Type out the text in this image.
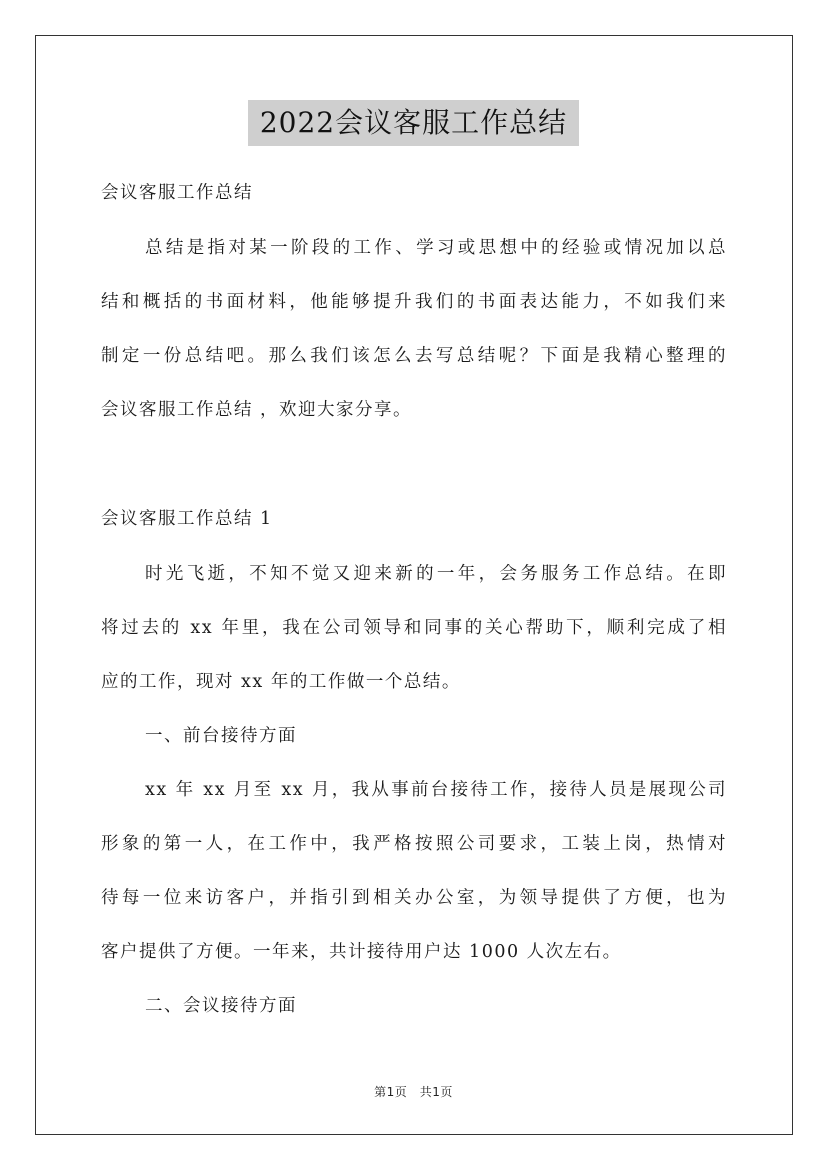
2022会议客服工作总结
会议客服工作总结
总结是指对某一阶段的工作、学习或思想中的经验或情况加以总
结和概括的书面材料，他能够提升我们的书面表达能力，不如我们来
制定一份总结吧。那么我们该怎么去写总结呢？下面是我精心整理的
会议客服工作总结 ，欢迎大家分享。
会议客服工作总结 1
时光飞逝，不知不觉又迎来新的一年，会务服务工作总结。在即
将过去的 xx 年里，我在公司领导和同事的关心帮助下，顺利完成了相
应的工作，现对 xx 年的工作做一个总结。
一、前台接待方面
xx 年 xx 月至 xx 月，我从事前台接待工作，接待人员是展现公司
形象的第一人，在工作中，我严格按照公司要求，工装上岗，热情对
待每一位来访客户，并指引到相关办公室，为领导提供了方便，也为
客户提供了方便。一年来，共计接待用户达 1000 人次左右。
二、会议接待方面
第1页　共1页
